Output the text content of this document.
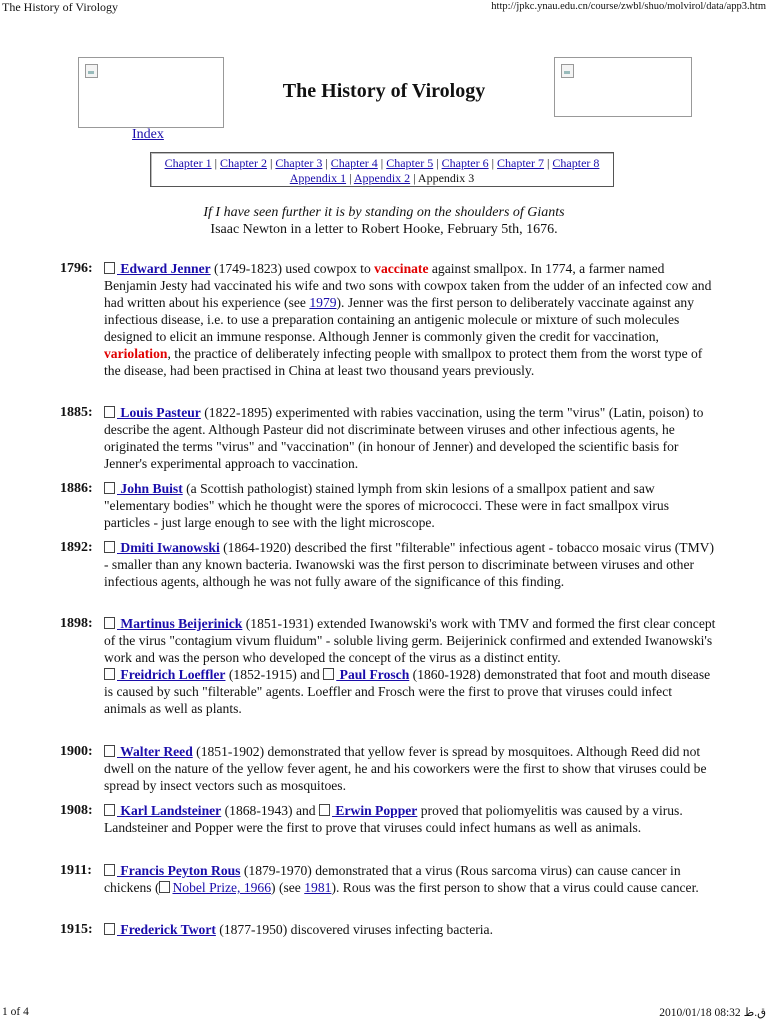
The History of Virology	http://jpkc.ynau.edu.cn/course/zwbl/shuo/molvirol/data/app3.htm
The History of Virology
Index
Chapter 1 | Chapter 2 | Chapter 3 | Chapter 4 | Chapter 5 | Chapter 6 | Chapter 7 | Chapter 8
Appendix 1 | Appendix 2 | Appendix 3
If I have seen further it is by standing on the shoulders of Giants
Isaac Newton in a letter to Robert Hooke, February 5th, 1676.
1796:	Edward Jenner (1749-1823) used cowpox to vaccinate against smallpox. In 1774, a farmer named Benjamin Jesty had vaccinated his wife and two sons with cowpox taken from the udder of an infected cow and had written about his experience (see 1979). Jenner was the first person to deliberately vaccinate against any infectious disease, i.e. to use a preparation containing an antigenic molecule or mixture of such molecules designed to elicit an immune response. Although Jenner is commonly given the credit for vaccination, variolation, the practice of deliberately infecting people with smallpox to protect them from the worst type of the disease, had been practised in China at least two thousand years previously.
1885:	Louis Pasteur (1822-1895) experimented with rabies vaccination, using the term "virus" (Latin, poison) to describe the agent. Although Pasteur did not discriminate between viruses and other infectious agents, he originated the terms "virus" and "vaccination" (in honour of Jenner) and developed the scientific basis for Jenner's experimental approach to vaccination.
1886:	John Buist (a Scottish pathologist) stained lymph from skin lesions of a smallpox patient and saw "elementary bodies" which he thought were the spores of micrococci. These were in fact smallpox virus particles - just large enough to see with the light microscope.
1892:	Dmiti Iwanowski (1864-1920) described the first "filterable" infectious agent - tobacco mosaic virus (TMV) - smaller than any known bacteria. Iwanowski was the first person to discriminate between viruses and other infectious agents, although he was not fully aware of the significance of this finding.
1898:	Martinus Beijerinick (1851-1931) extended Iwanowski's work with TMV and formed the first clear concept of the virus "contagium vivum fluidum" - soluble living germ. Beijerinick confirmed and extended Iwanowski's work and was the person who developed the concept of the virus as a distinct entity.
Freidrich Loeffler (1852-1915) and  Paul Frosch (1860-1928) demonstrated that foot and mouth disease is caused by such "filterable" agents. Loeffler and Frosch were the first to prove that viruses could infect animals as well as plants.
1900:	Walter Reed (1851-1902) demonstrated that yellow fever is spread by mosquitoes. Although Reed did not dwell on the nature of the yellow fever agent, he and his coworkers were the first to show that viruses could be spread by insect vectors such as mosquitoes.
1908:	Karl Landsteiner (1868-1943) and  Erwin Popper proved that poliomyelitis was caused by a virus. Landsteiner and Popper were the first to prove that viruses could infect humans as well as animals.
1911:	Francis Peyton Rous (1879-1970) demonstrated that a virus (Rous sarcoma virus) can cause cancer in chickens ( Nobel Prize, 1966) (see 1981). Rous was the first person to show that a virus could cause cancer.
1915:	Frederick Twort (1877-1950) discovered viruses infecting bacteria.
1 of 4	2010/01/18 08:32 ق.ظ
